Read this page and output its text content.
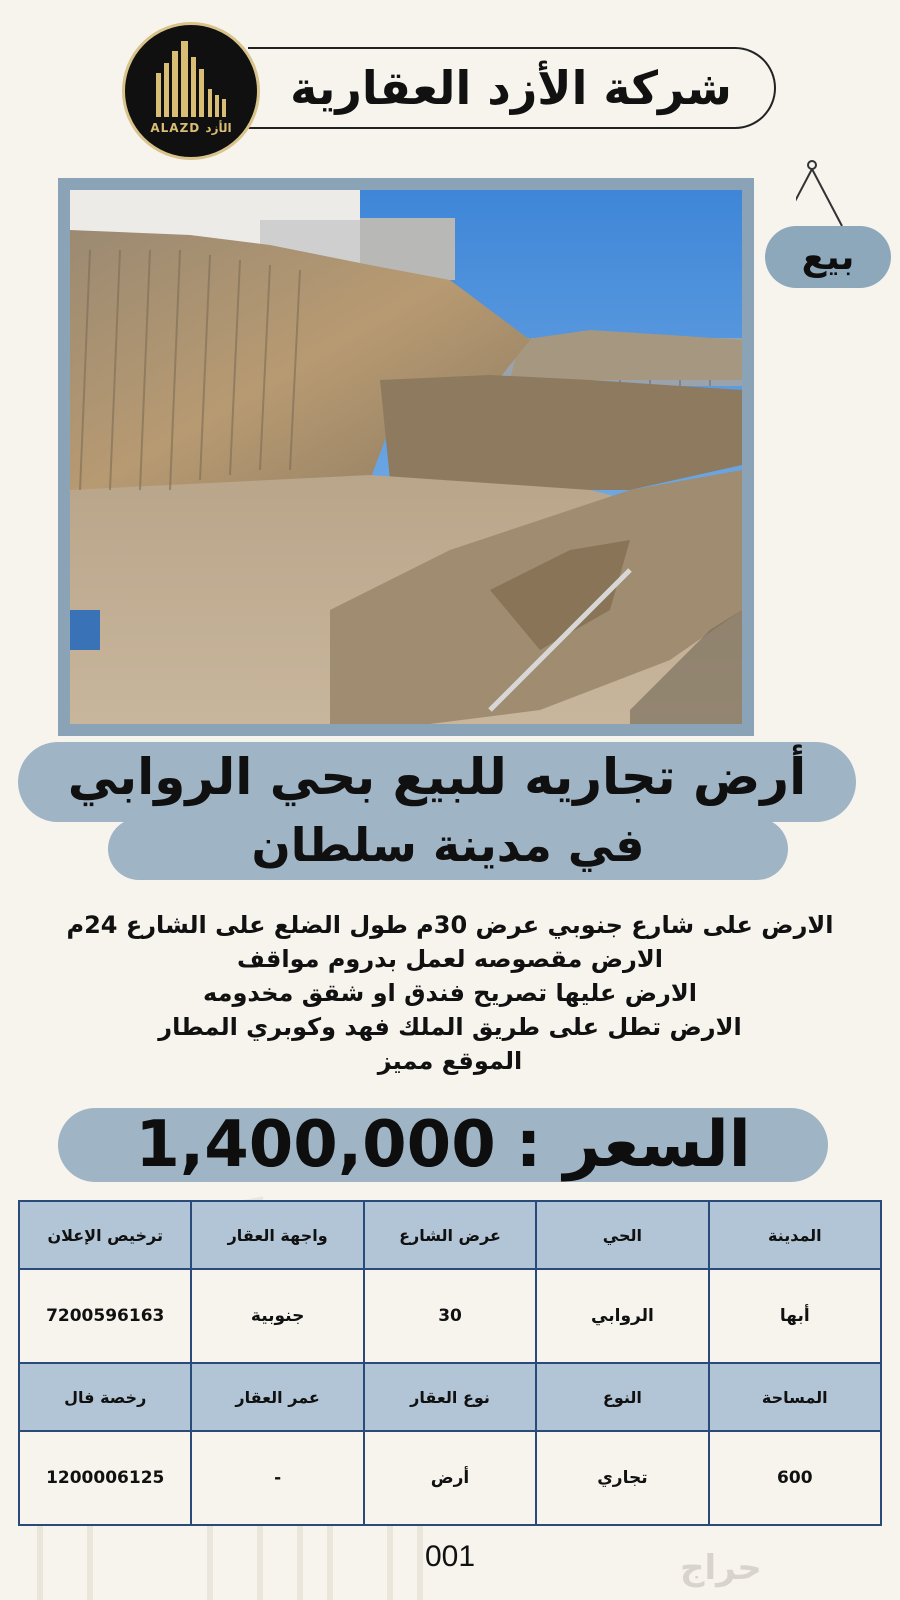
شركة الأزد العقارية
ALAZD الأزد
بيع
أرض تجاريه للبيع بحي الروابي
في مدينة سلطان
الارض على شارع جنوبي عرض 30م طول الضلع على الشارع 24م
الارض مقصوصه لعمل بدروم مواقف
الارض عليها تصريح فندق او شقق مخدومه
الارض تطل على طريق الملك فهد وكوبري المطار
الموقع مميز
السعر :
1,400,000
المدينة	الحي	عرض الشارع	واجهة العقار	ترخيص الإعلان
أبها	الروابي	30	جنوبية	7200596163
المساحة	النوع	نوع العقار	عمر العقار	رخصة فال
600	تجاري	أرض	-	1200006125
001	حراج
